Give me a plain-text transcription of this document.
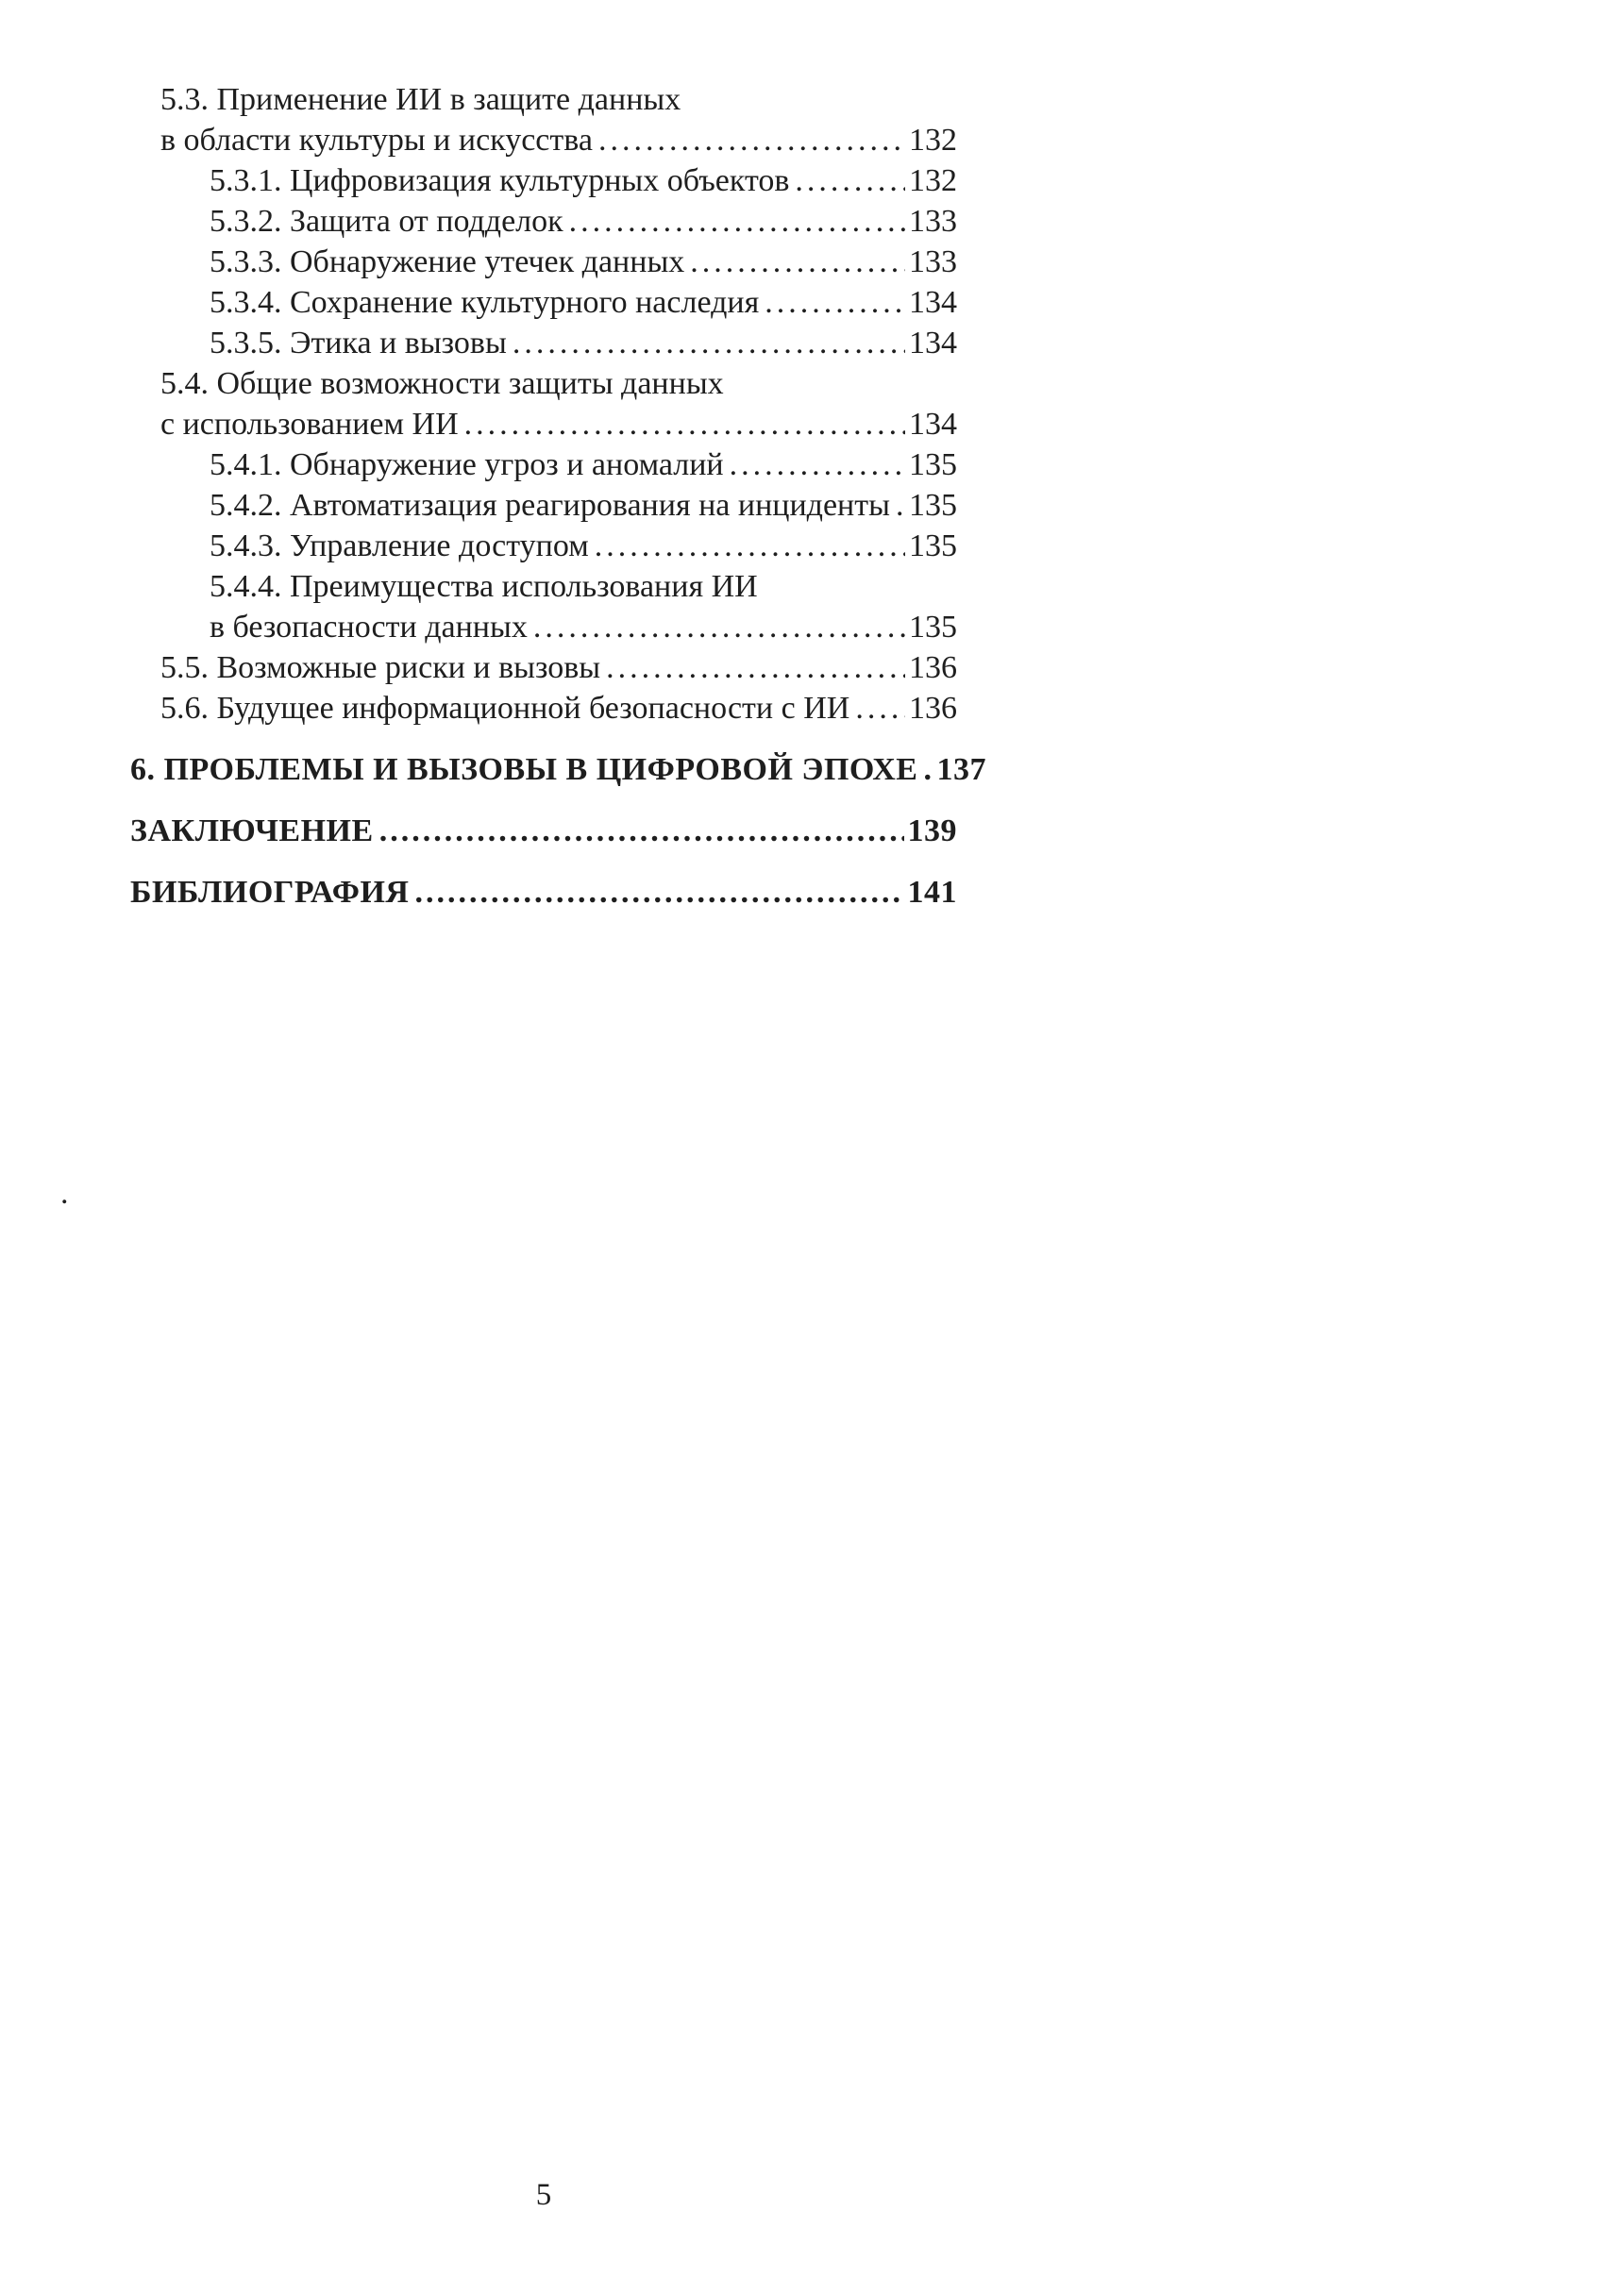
5.3. Применение ИИ в защите данных
в области культуры и искусства .....	132
5.3.1. Цифровизация культурных объектов .....	132
5.3.2. Защита от подделок .....	133
5.3.3. Обнаружение утечек данных .....	133
5.3.4. Сохранение культурного наследия .....	134
5.3.5. Этика и вызовы .....	134
5.4. Общие возможности защиты данных
с использованием ИИ .....	134
5.4.1. Обнаружение угроз и аномалий .....	135
5.4.2. Автоматизация реагирования на инциденты ..... 135
5.4.3. Управление доступом .....	135
5.4.4. Преимущества использования ИИ
в безопасности данных .....	135
5.5. Возможные риски и вызовы .....	136
5.6. Будущее информационной безопасности с ИИ ..... 136
6. ПРОБЛЕМЫ И ВЫЗОВЫ В ЦИФРОВОЙ ЭПОХЕ ..... 137
ЗАКЛЮЧЕНИЕ .....	139
БИБЛИОГРАФИЯ .....	141
.
5
